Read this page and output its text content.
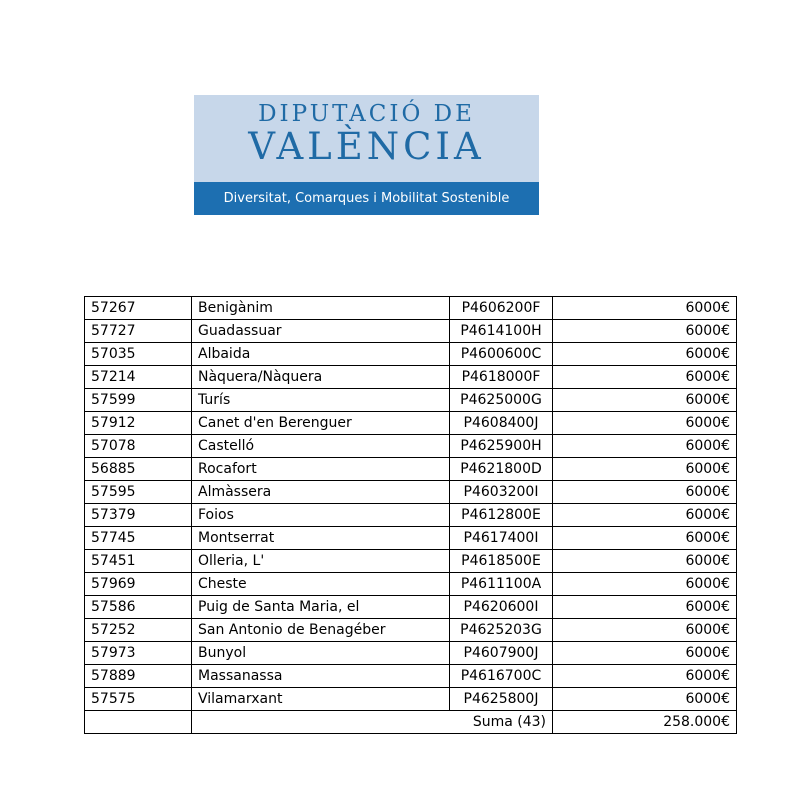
DIPUTACIÓ DE
VALÈNCIA
Diversitat, Comarques i Mobilitat Sostenible
57267	Benigànim	P4606200F	6000€
57727	Guadassuar	P4614100H	6000€
57035	Albaida	P4600600C	6000€
57214	Nàquera/Nàquera	P4618000F	6000€
57599	Turís	P4625000G	6000€
57912	Canet d'en Berenguer	P4608400J	6000€
57078	Castelló	P4625900H	6000€
56885	Rocafort	P4621800D	6000€
57595	Almàssera	P4603200I	6000€
57379	Foios	P4612800E	6000€
57745	Montserrat	P4617400I	6000€
57451	Olleria, L'	P4618500E	6000€
57969	Cheste	P4611100A	6000€
57586	Puig de Santa Maria, el	P4620600I	6000€
57252	San Antonio de Benagéber	P4625203G	6000€
57973	Bunyol	P4607900J	6000€
57889	Massanassa	P4616700C	6000€
57575	Vilamarxant	P4625800J	6000€
	Suma (43)		258.000€
